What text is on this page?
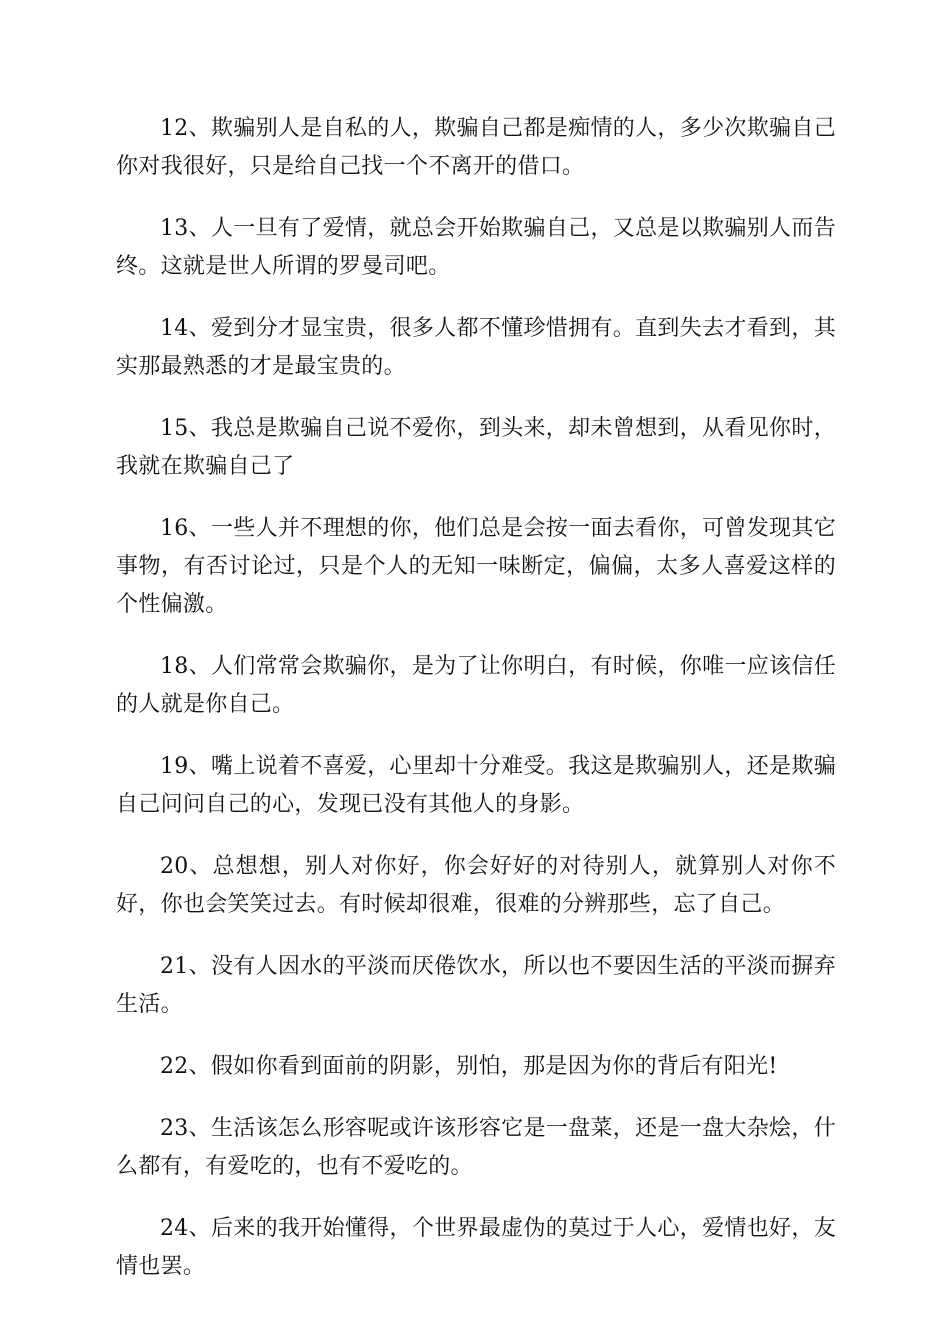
12、欺骗别人是自私的人，欺骗自己都是痴情的人，多少次欺骗自己你对我很好，只是给自己找一个不离开的借口。

13、人一旦有了爱情，就总会开始欺骗自己，又总是以欺骗别人而告终。这就是世人所谓的罗曼司吧。

14、爱到分才显宝贵，很多人都不懂珍惜拥有。直到失去才看到，其实那最熟悉的才是最宝贵的。

15、我总是欺骗自己说不爱你，到头来，却未曾想到，从看见你时，我就在欺骗自己了

16、一些人并不理想的你，他们总是会按一面去看你，可曾发现其它事物，有否讨论过，只是个人的无知一味断定，偏偏，太多人喜爱这样的个性偏激。

18、人们常常会欺骗你，是为了让你明白，有时候，你唯一应该信任的人就是你自己。

19、嘴上说着不喜爱，心里却十分难受。我这是欺骗别人，还是欺骗自己问问自己的心，发现已没有其他人的身影。

20、总想想，别人对你好，你会好好的对待别人，就算别人对你不好，你也会笑笑过去。有时候却很难，很难的分辨那些，忘了自己。

21、没有人因水的平淡而厌倦饮水，所以也不要因生活的平淡而摒弃生活。

22、假如你看到面前的阴影，别怕，那是因为你的背后有阳光!

23、生活该怎么形容呢或许该形容它是一盘菜，还是一盘大杂烩，什么都有，有爱吃的，也有不爱吃的。

24、后来的我开始懂得，个世界最虚伪的莫过于人心，爱情也好，友情也罢。
